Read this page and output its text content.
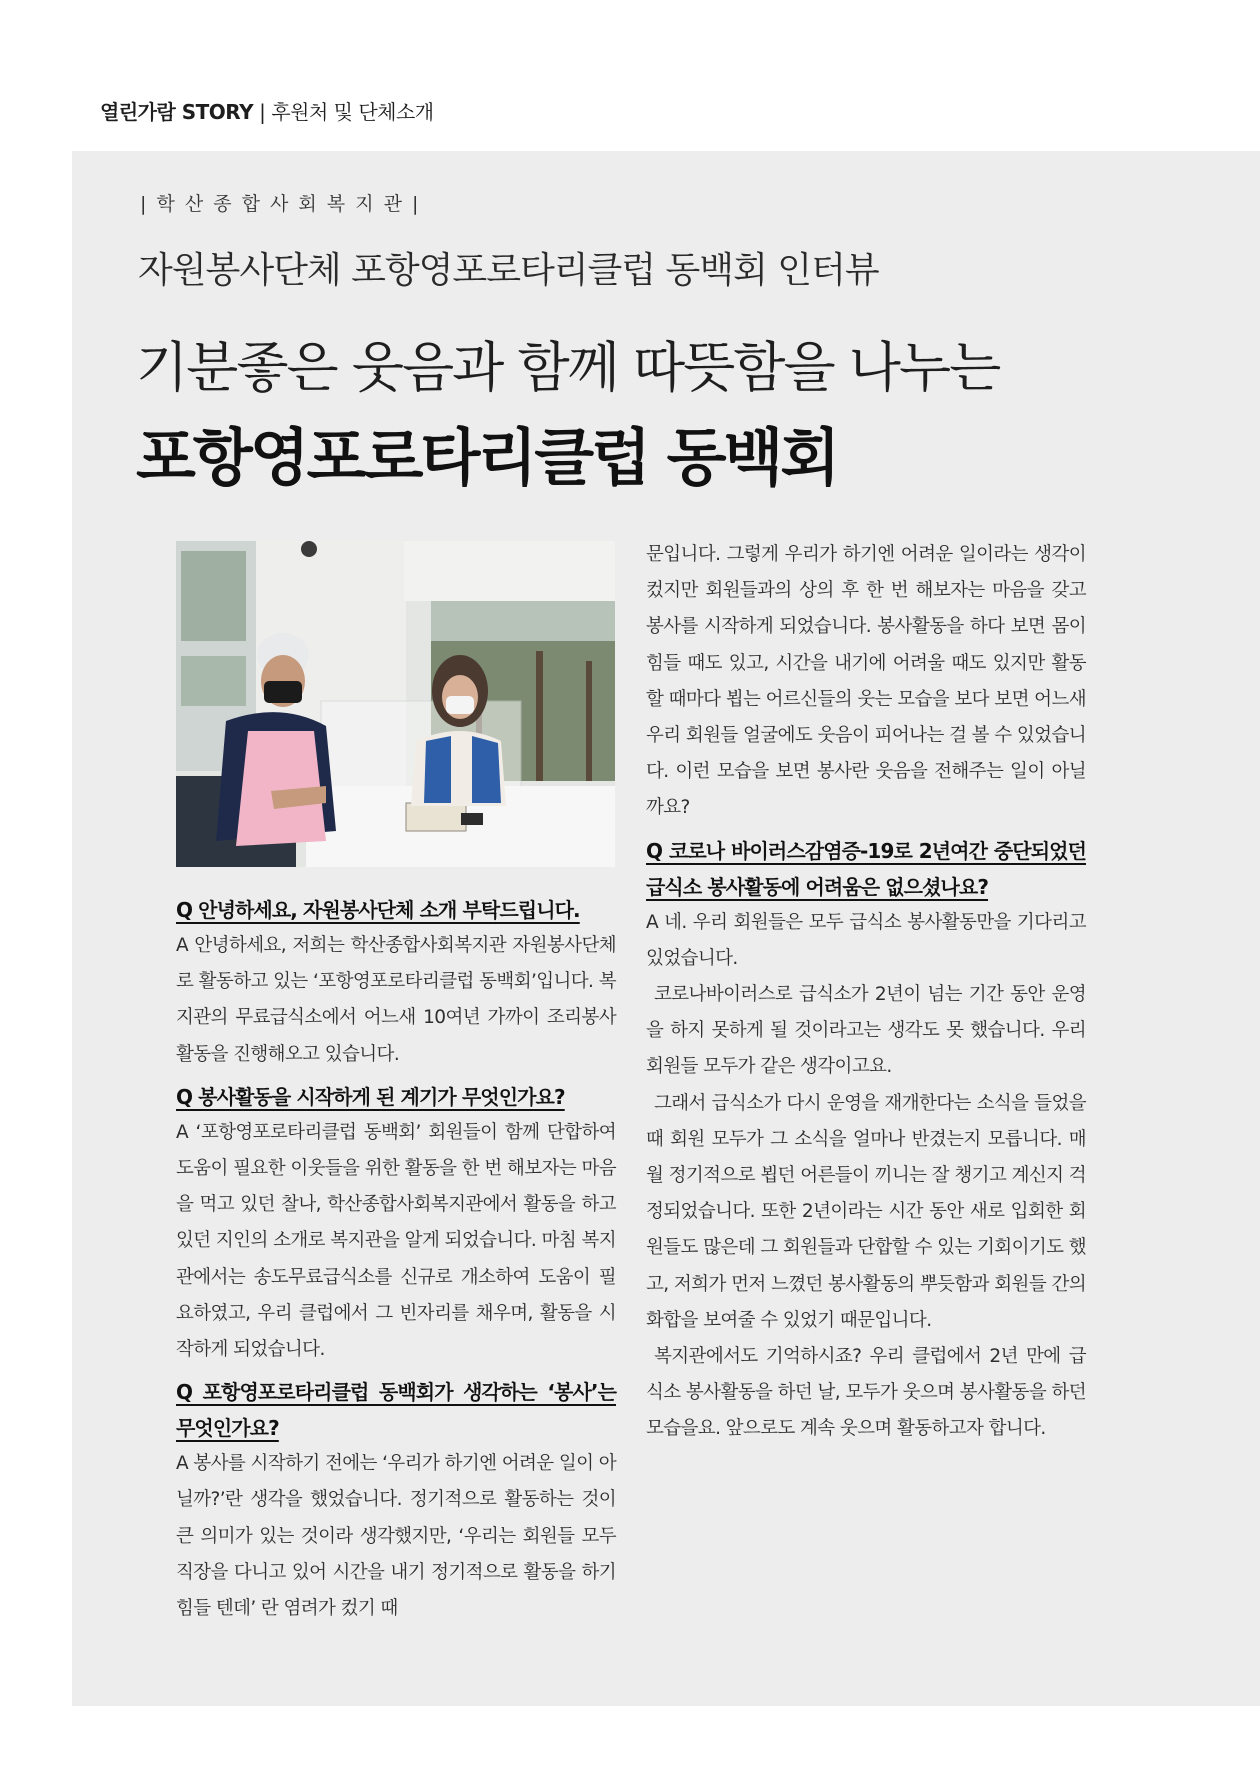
열린가람 STORY | 후원처 및 단체소개
| 학 산 종 합 사 회 복 지 관 |
자원봉사단체 포항영포로타리클럽 동백회 인터뷰
기분좋은 웃음과 함께 따뜻함을 나누는
포항영포로타리클럽 동백회

Q 안녕하세요, 자원봉사단체 소개 부탁드립니다.

A 안녕하세요, 저희는 학산종합사회복지관 자원봉사단체로 활동하고 있는 ‘포항영포로타리클럽 동백회’입니다. 복지관의 무료급식소에서 어느새 10여년 가까이 조리봉사활동을 진행해오고 있습니다.

Q 봉사활동을 시작하게 된 계기가 무엇인가요?

A ‘포항영포로타리클럽 동백회’ 회원들이 함께 단합하여 도움이 필요한 이웃들을 위한 활동을 한 번 해보자는 마음을 먹고 있던 찰나, 학산종합사회복지관에서 활동을 하고 있던 지인의 소개로 복지관을 알게 되었습니다. 마침 복지관에서는 송도무료급식소를 신규로 개소하여 도움이 필요하였고, 우리 클럽에서 그 빈자리를 채우며, 활동을 시작하게 되었습니다.

Q 포항영포로타리클럽 동백회가 생각하는 ‘봉사’는 무엇인가요?

A 봉사를 시작하기 전에는 ‘우리가 하기엔 어려운 일이 아닐까?’란 생각을 했었습니다. 정기적으로 활동하는 것이 큰 의미가 있는 것이라 생각했지만, ‘우리는 회원들 모두 직장을 다니고 있어 시간을 내기 정기적으로 활동을 하기 힘들 텐데’ 란 염려가 컸기 때

문입니다. 그렇게 우리가 하기엔 어려운 일이라는 생각이 컸지만 회원들과의 상의 후 한 번 해보자는 마음을 갖고 봉사를 시작하게 되었습니다. 봉사활동을 하다 보면 몸이 힘들 때도 있고, 시간을 내기에 어려울 때도 있지만 활동할 때마다 뵙는 어르신들의 웃는 모습을 보다 보면 어느새 우리 회원들 얼굴에도 웃음이 피어나는 걸 볼 수 있었습니다. 이런 모습을 보면 봉사란 웃음을 전해주는 일이 아닐까요?

Q 코로나 바이러스감염증-19로 2년여간 중단되었던 급식소 봉사활동에 어려움은 없으셨나요?

A 네. 우리 회원들은 모두 급식소 봉사활동만을 기다리고 있었습니다.

코로나바이러스로 급식소가 2년이 넘는 기간 동안 운영을 하지 못하게 될 것이라고는 생각도 못 했습니다. 우리 회원들 모두가 같은 생각이고요.

그래서 급식소가 다시 운영을 재개한다는 소식을 들었을 때 회원 모두가 그 소식을 얼마나 반겼는지 모릅니다. 매월 정기적으로 뵙던 어른들이 끼니는 잘 챙기고 계신지 걱정되었습니다. 또한 2년이라는 시간 동안 새로 입회한 회원들도 많은데 그 회원들과 단합할 수 있는 기회이기도 했고, 저희가 먼저 느꼈던 봉사활동의 뿌듯함과 회원들 간의 화합을 보여줄 수 있었기 때문입니다.

복지관에서도 기억하시죠? 우리 클럽에서 2년 만에 급식소 봉사활동을 하던 날, 모두가 웃으며 봉사활동을 하던 모습을요. 앞으로도 계속 웃으며 활동하고자 합니다.
